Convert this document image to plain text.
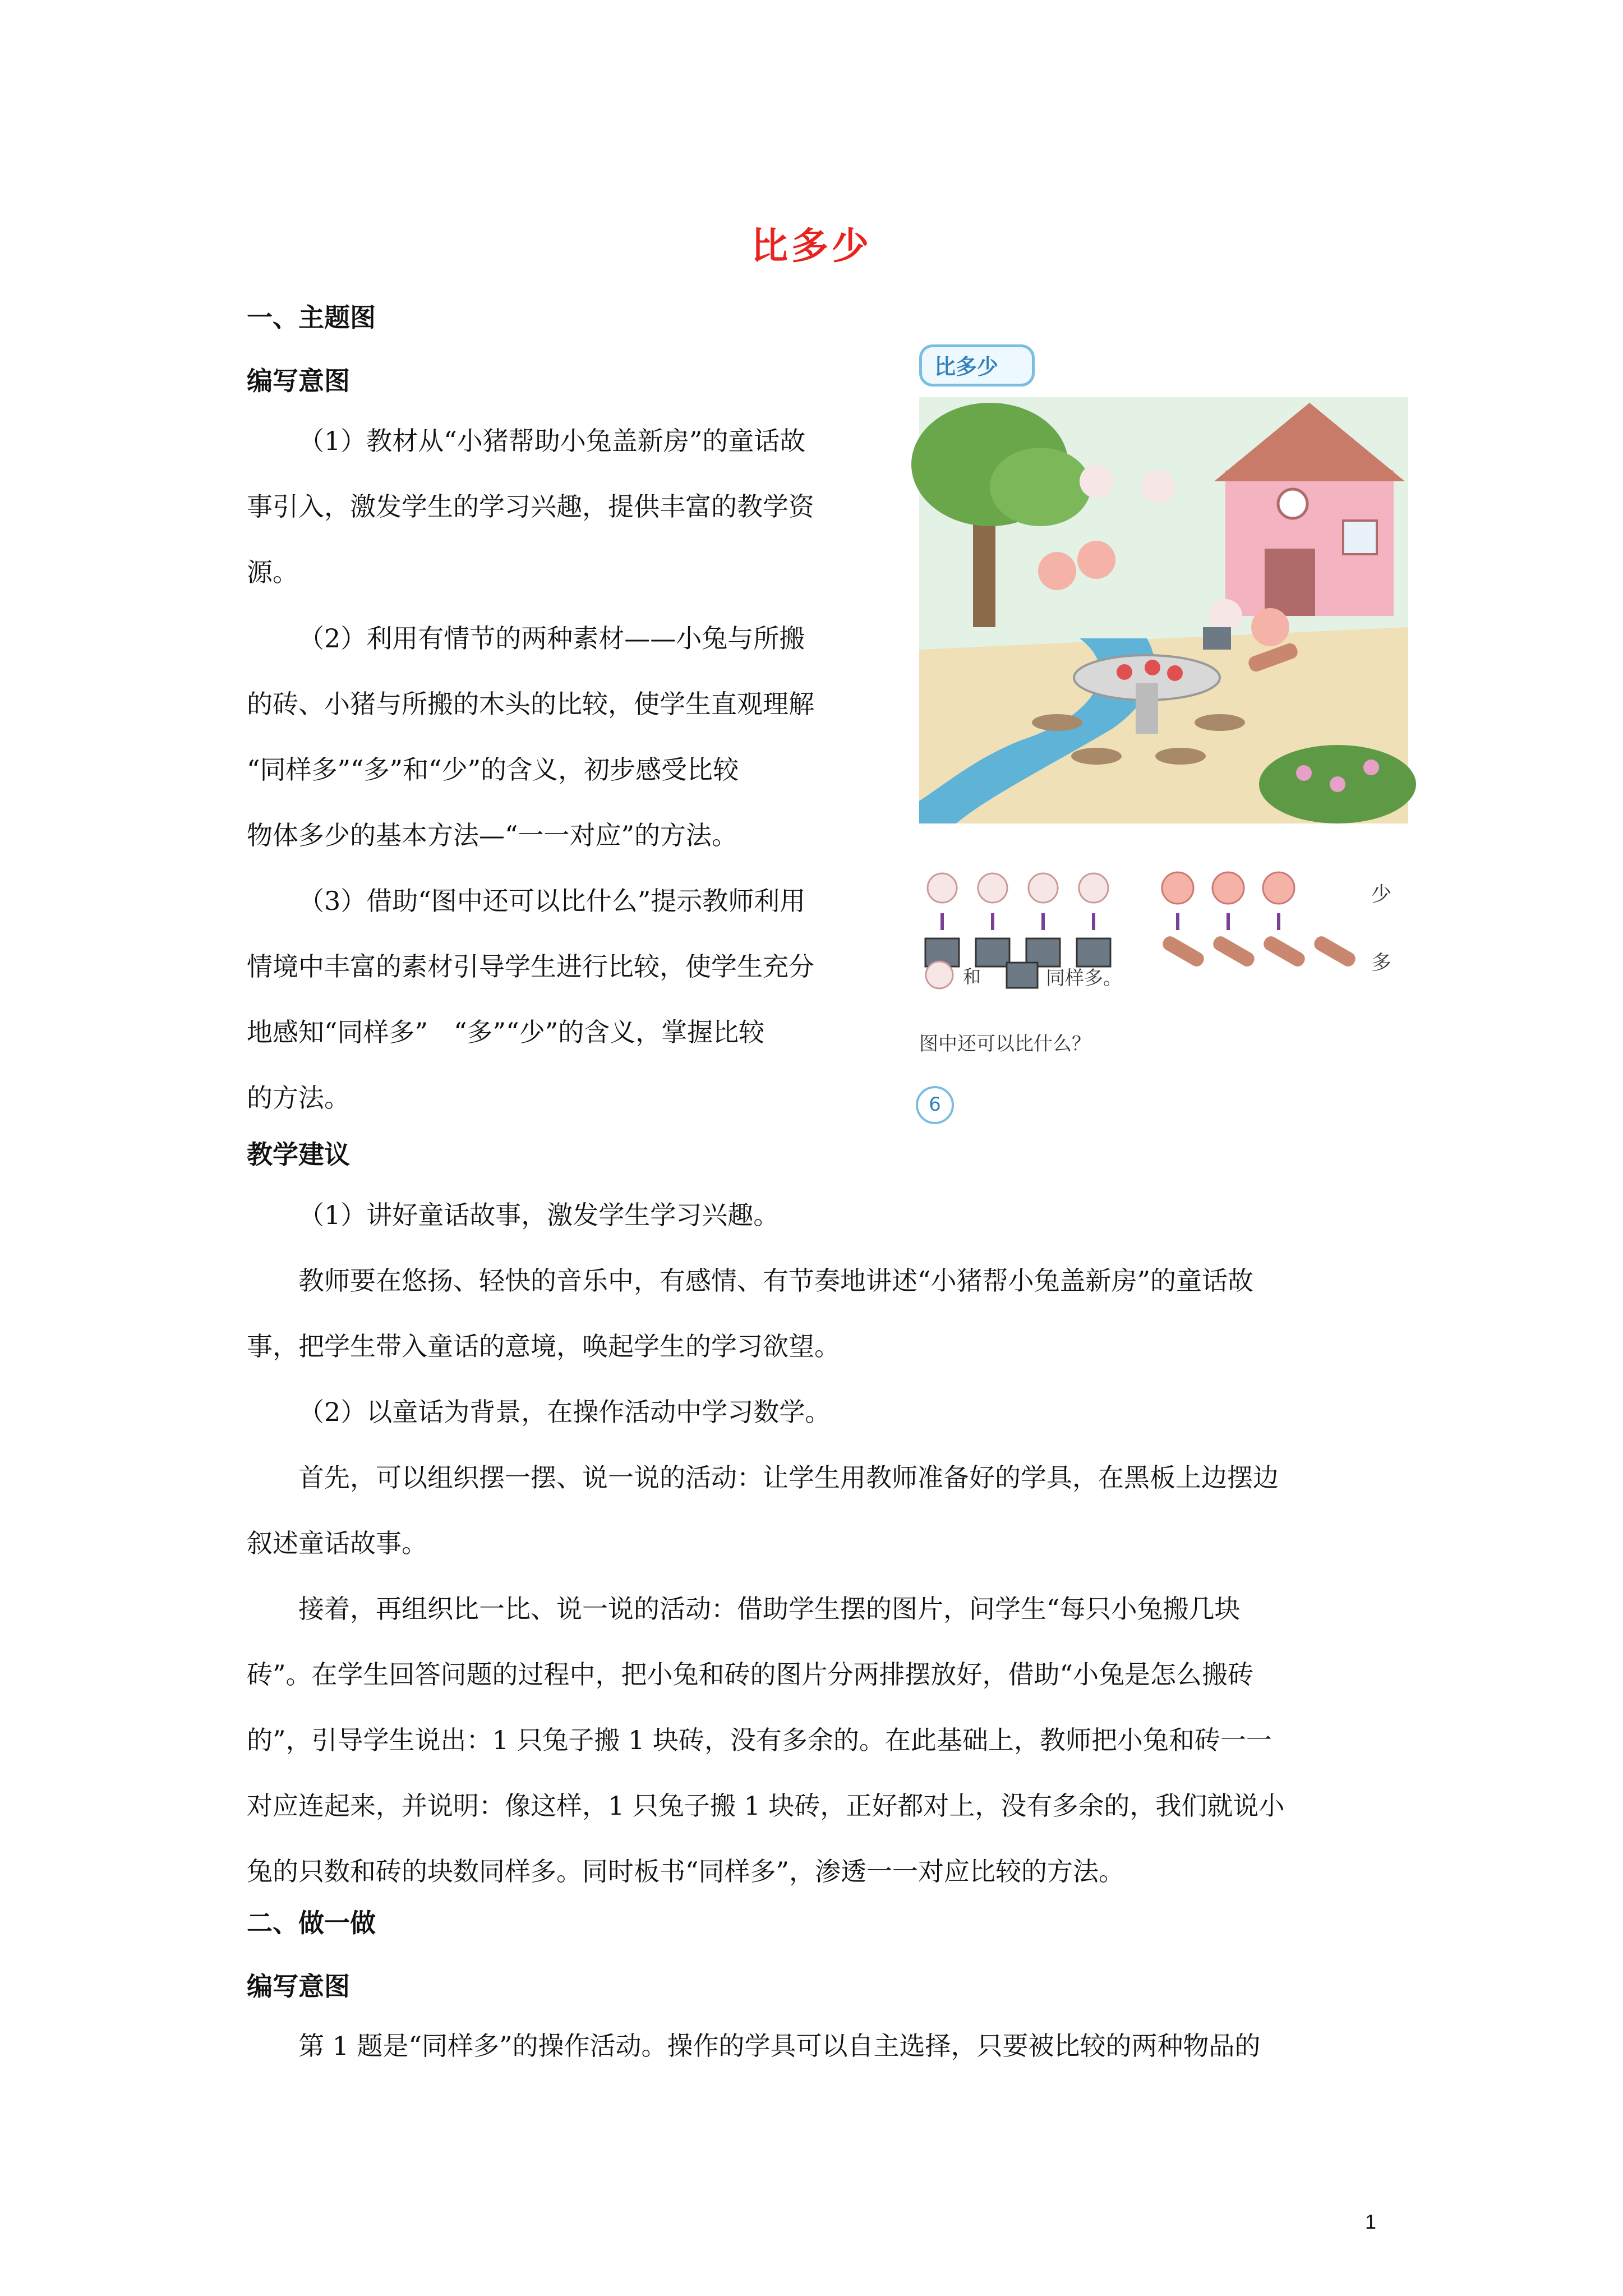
比多少
一、主题图
编写意图
（1）教材从“小猪帮助小兔盖新房”的童话故
事引入，激发学生的学习兴趣，提供丰富的教学资
源。
（2）利用有情节的两种素材——小兔与所搬
的砖、小猪与所搬的木头的比较，使学生直观理解
“同样多”“多”和“少”的含义，初步感受比较
物体多少的基本方法—“一一对应”的方法。
（3）借助“图中还可以比什么”提示教师利用
情境中丰富的素材引导学生进行比较，使学生充分
地感知“同样多”　“多”“少”的含义，掌握比较
的方法。
教学建议
（1）讲好童话故事，激发学生学习兴趣。
教师要在悠扬、轻快的音乐中，有感情、有节奏地讲述“小猪帮小兔盖新房”的童话故
事，把学生带入童话的意境，唤起学生的学习欲望。
（2）以童话为背景，在操作活动中学习数学。
首先，可以组织摆一摆、说一说的活动：让学生用教师准备好的学具，在黑板上边摆边
叙述童话故事。
接着，再组织比一比、说一说的活动：借助学生摆的图片，问学生“每只小兔搬几块
砖”。在学生回答问题的过程中，把小兔和砖的图片分两排摆放好，借助“小兔是怎么搬砖
的”，引导学生说出：1 只兔子搬 1 块砖，没有多余的。在此基础上，教师把小兔和砖一一
对应连起来，并说明：像这样，1 只兔子搬 1 块砖，正好都对上，没有多余的，我们就说小
兔的只数和砖的块数同样多。同时板书“同样多”，渗透一一对应比较的方法。
二、做一做
编写意图
第 1 题是“同样多”的操作活动。操作的学具可以自主选择，只要被比较的两种物品的
1
比多少
少
多
和	同样多。
图中还可以比什么？
6
